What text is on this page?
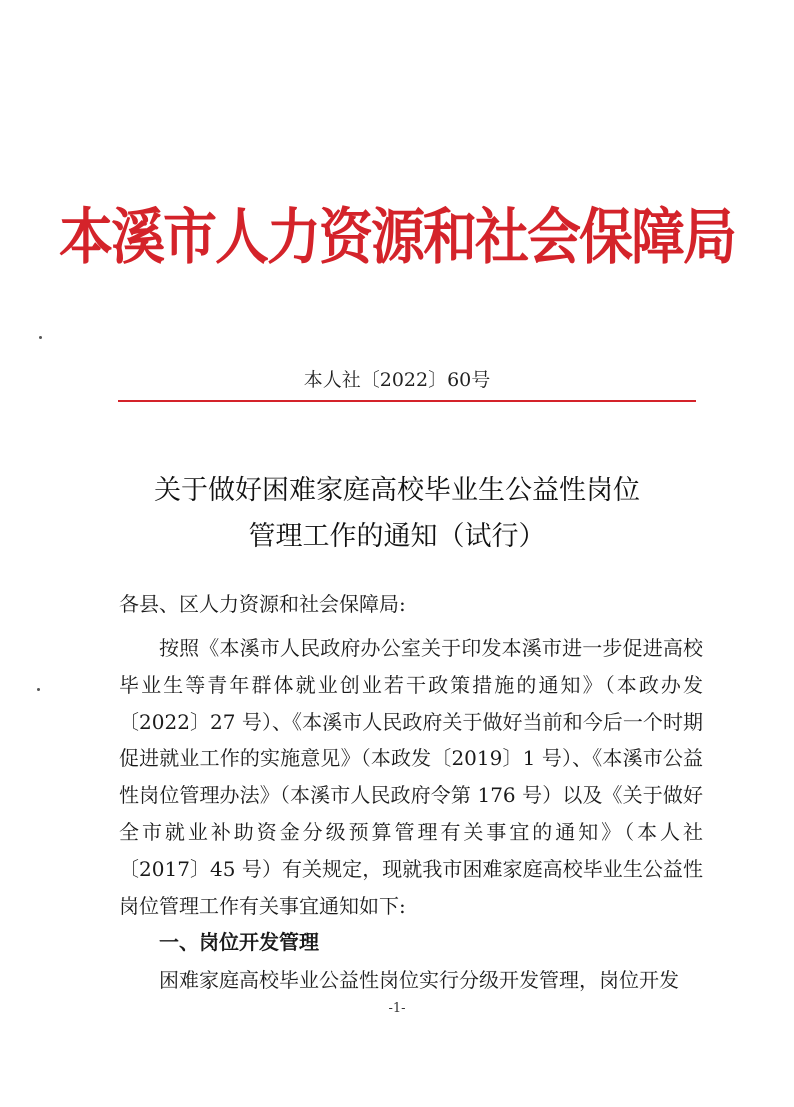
本溪市人力资源和社会保障局
本人社〔2022〕60号
关于做好困难家庭高校毕业生公益性岗位
管理工作的通知（试行）
各县、区人力资源和社会保障局:

按照《本溪市人民政府办公室关于印发本溪市进一步促进高校毕业生等青年群体就业创业若干政策措施的通知》（本政办发〔2022〕27 号）、《本溪市人民政府关于做好当前和今后一个时期促进就业工作的实施意见》（本政发〔2019〕1 号）、《本溪市公益性岗位管理办法》（本溪市人民政府令第 176 号）以及《关于做好全市就业补助资金分级预算管理有关事宜的通知》（本人社〔2017〕45 号）有关规定，现就我市困难家庭高校毕业生公益性岗位管理工作有关事宜通知如下:

一、岗位开发管理

困难家庭高校毕业公益性岗位实行分级开发管理，岗位开发

-1-
